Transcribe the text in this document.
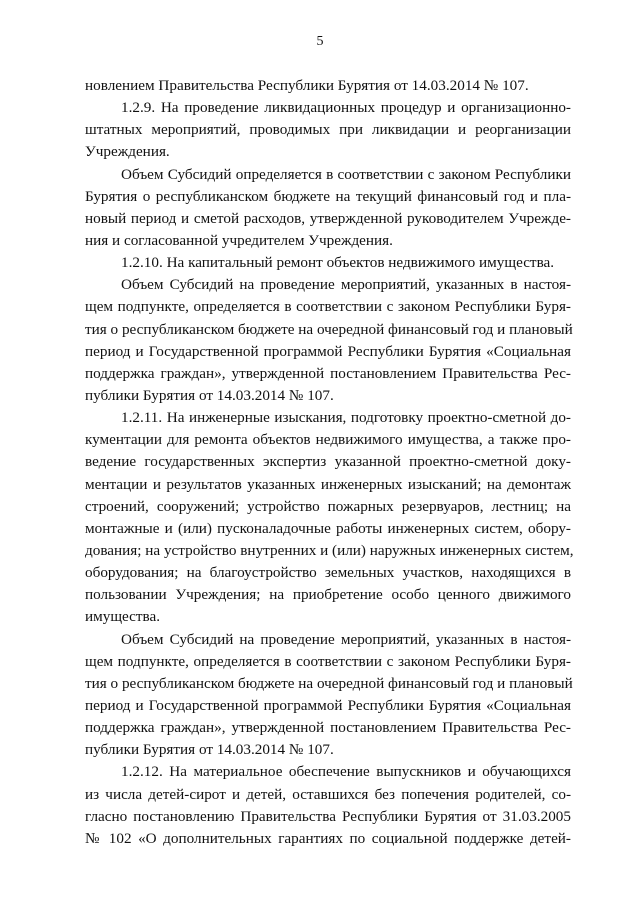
5
новлением Правительства Республики Бурятия от 14.03.2014 № 107.
1.2.9. На проведение ликвидационных процедур и организационно-
штатных мероприятий, проводимых при ликвидации и реорганизации
Учреждения.
Объем Субсидий определяется в соответствии с законом Республики
Бурятия о республиканском бюджете на текущий финансовый год и пла-
новый период и сметой расходов, утвержденной руководителем Учрежде-
ния и согласованной учредителем Учреждения.
1.2.10. На капитальный ремонт объектов недвижимого имущества.
Объем Субсидий на проведение мероприятий, указанных в настоя-
щем подпункте, определяется в соответствии с законом Республики Буря-
тия о республиканском бюджете на очередной финансовый год и плановый
период и Государственной программой Республики Бурятия «Социальная
поддержка граждан», утвержденной постановлением Правительства Рес-
публики Бурятия от 14.03.2014 № 107.
1.2.11. На инженерные изыскания, подготовку проектно-сметной до-
кументации для ремонта объектов недвижимого имущества, а также про-
ведение государственных экспертиз указанной проектно-сметной доку-
ментации и результатов указанных инженерных изысканий; на демонтаж
строений, сооружений; устройство пожарных резервуаров, лестниц; на
монтажные и (или) пусконаладочные работы инженерных систем, обору-
дования; на устройство внутренних и (или) наружных инженерных систем,
оборудования; на благоустройство земельных участков, находящихся в
пользовании Учреждения; на приобретение особо ценного движимого
имущества.
Объем Субсидий на проведение мероприятий, указанных в настоя-
щем подпункте, определяется в соответствии с законом Республики Буря-
тия о республиканском бюджете на очередной финансовый год и плановый
период и Государственной программой Республики Бурятия «Социальная
поддержка граждан», утвержденной постановлением Правительства Рес-
публики Бурятия от 14.03.2014 № 107.
1.2.12. На материальное обеспечение выпускников и обучающихся
из числа детей-сирот и детей, оставшихся без попечения родителей, со-
гласно постановлению Правительства Республики Бурятия от 31.03.2005
№ 102 «О дополнительных гарантиях по социальной поддержке детей-
